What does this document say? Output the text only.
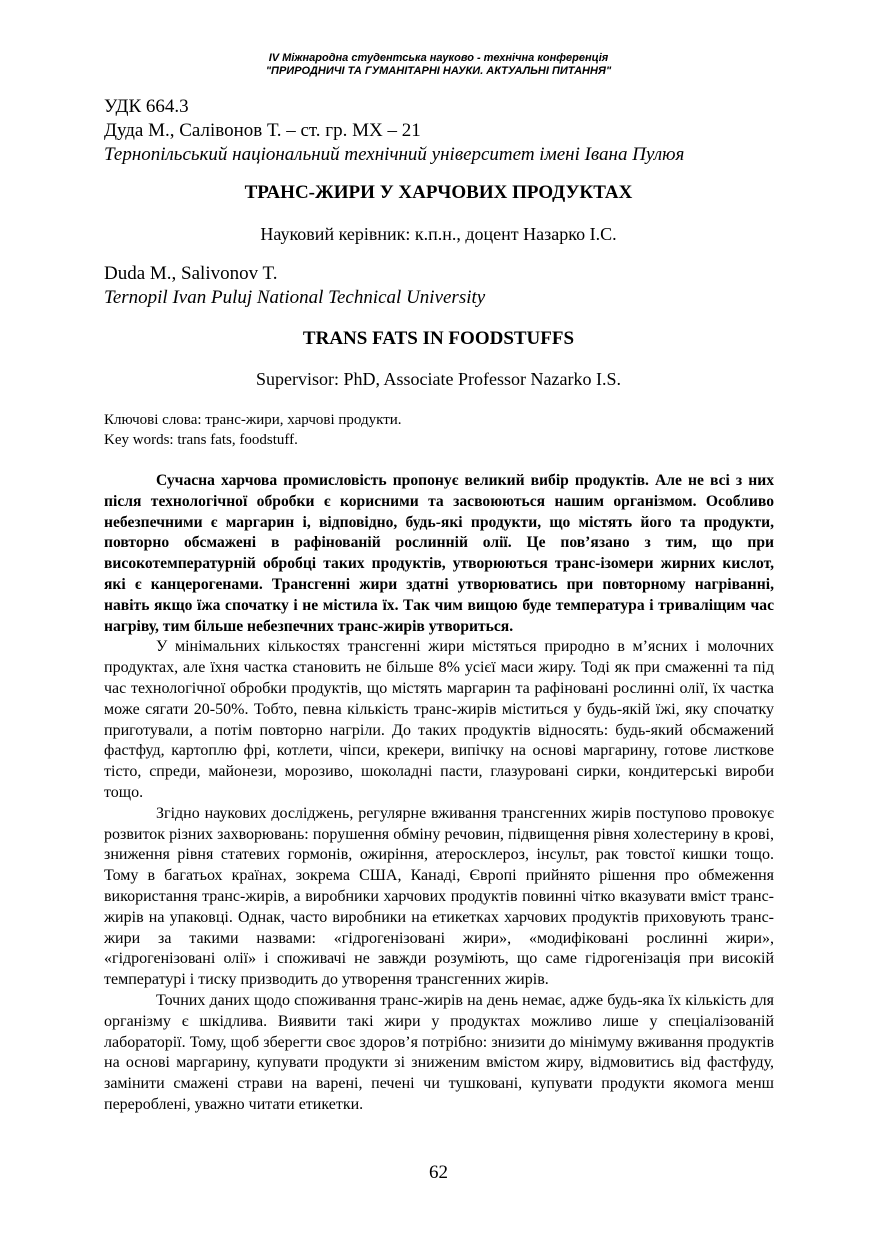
IV Міжнародна студентська науково - технічна конференція
"ПРИРОДНИЧІ ТА ГУМАНІТАРНІ НАУКИ. АКТУАЛЬНІ ПИТАННЯ"
УДК 664.3
Дуда М., Салівонов Т. – ст. гр. МХ – 21
Тернопільський національний технічний університет імені Івана Пулюя
ТРАНС-ЖИРИ У ХАРЧОВИХ ПРОДУКТАХ
Науковий керівник: к.п.н., доцент Назарко І.С.
Duda M., Salivonov T.
Ternopil Ivan Puluj National Technical University
TRANS FATS IN FOODSTUFFS
Supervisor: PhD, Associate Professor Nazarko I.S.
Ключові слова: транс-жири, харчові продукти.
Key words: trans fats, foodstuff.

Сучасна харчова промисловість пропонує великий вибір продуктів. Але не всі з них після технологічної обробки є корисними та засвоюються нашим організмом. Особливо небезпечними є маргарин і, відповідно, будь-які продукти, що містять його та продукти, повторно обсмажені в рафінованій рослинній олії. Це пов’язано з тим, що при високотемпературній обробці таких продуктів, утворюються транс-ізомери жирних кислот, які є канцерогенами. Трансгенні жири здатні утворюватись при повторному нагріванні, навіть якщо їжа спочатку і не містила їх. Так чим вищою буде температура і триваліщим час нагріву, тим більше небезпечних транс-жирів утвориться.

У мінімальних кількостях трансгенні жири містяться природно в м’ясних і молочних продуктах, але їхня частка становить не більше 8% усієї маси жиру. Тоді як при смаженні та під час технологічної обробки продуктів, що містять маргарин та рафіновані рослинні олії, їх частка може сягати 20-50%. Тобто, певна кількість транс-жирів міститься у будь-якій їжі, яку спочатку приготували, а потім повторно нагріли. До таких продуктів відносять: будь-який обсмажений фастфуд, картоплю фрі, котлети, чіпси, крекери, випічку на основі маргарину, готове листкове тісто, спреди, майонези, морозиво, шоколадні пасти, глазуровані сирки, кондитерські вироби тощо.

Згідно наукових досліджень, регулярне вживання трансгенних жирів поступово провокує розвиток різних захворювань: порушення обміну речовин, підвищення рівня холестерину в крові, зниження рівня статевих гормонів, ожиріння, атеросклероз, інсульт, рак товстої кишки тощо. Тому в багатьох країнах, зокрема США, Канаді, Європі прийнято рішення про обмеження використання транс-жирів, а виробники харчових продуктів повинні чітко вказувати вміст транс-жирів на упаковці. Однак, часто виробники на етикетках харчових продуктів приховують транс-жири за такими назвами: «гідрогенізовані жири», «модифіковані рослинні жири», «гідрогенізовані олії» і споживачі не завжди розуміють, що саме гідрогенізація при високій температурі і тиску призводить до утворення трансгенних жирів.

Точних даних щодо споживання транс-жирів на день немає, адже будь-яка їх кількість для організму є шкідлива. Виявити такі жири у продуктах можливо лише у спеціалізованій лабораторії. Тому, щоб зберегти своє здоров’я потрібно: знизити до мінімуму вживання продуктів на основі маргарину, купувати продукти зі зниженим вмістом жиру, відмовитись від фастфуду, замінити смажені страви на варені, печені чи тушковані, купувати продукти якомога менш перероблені, уважно читати етикетки.

62
